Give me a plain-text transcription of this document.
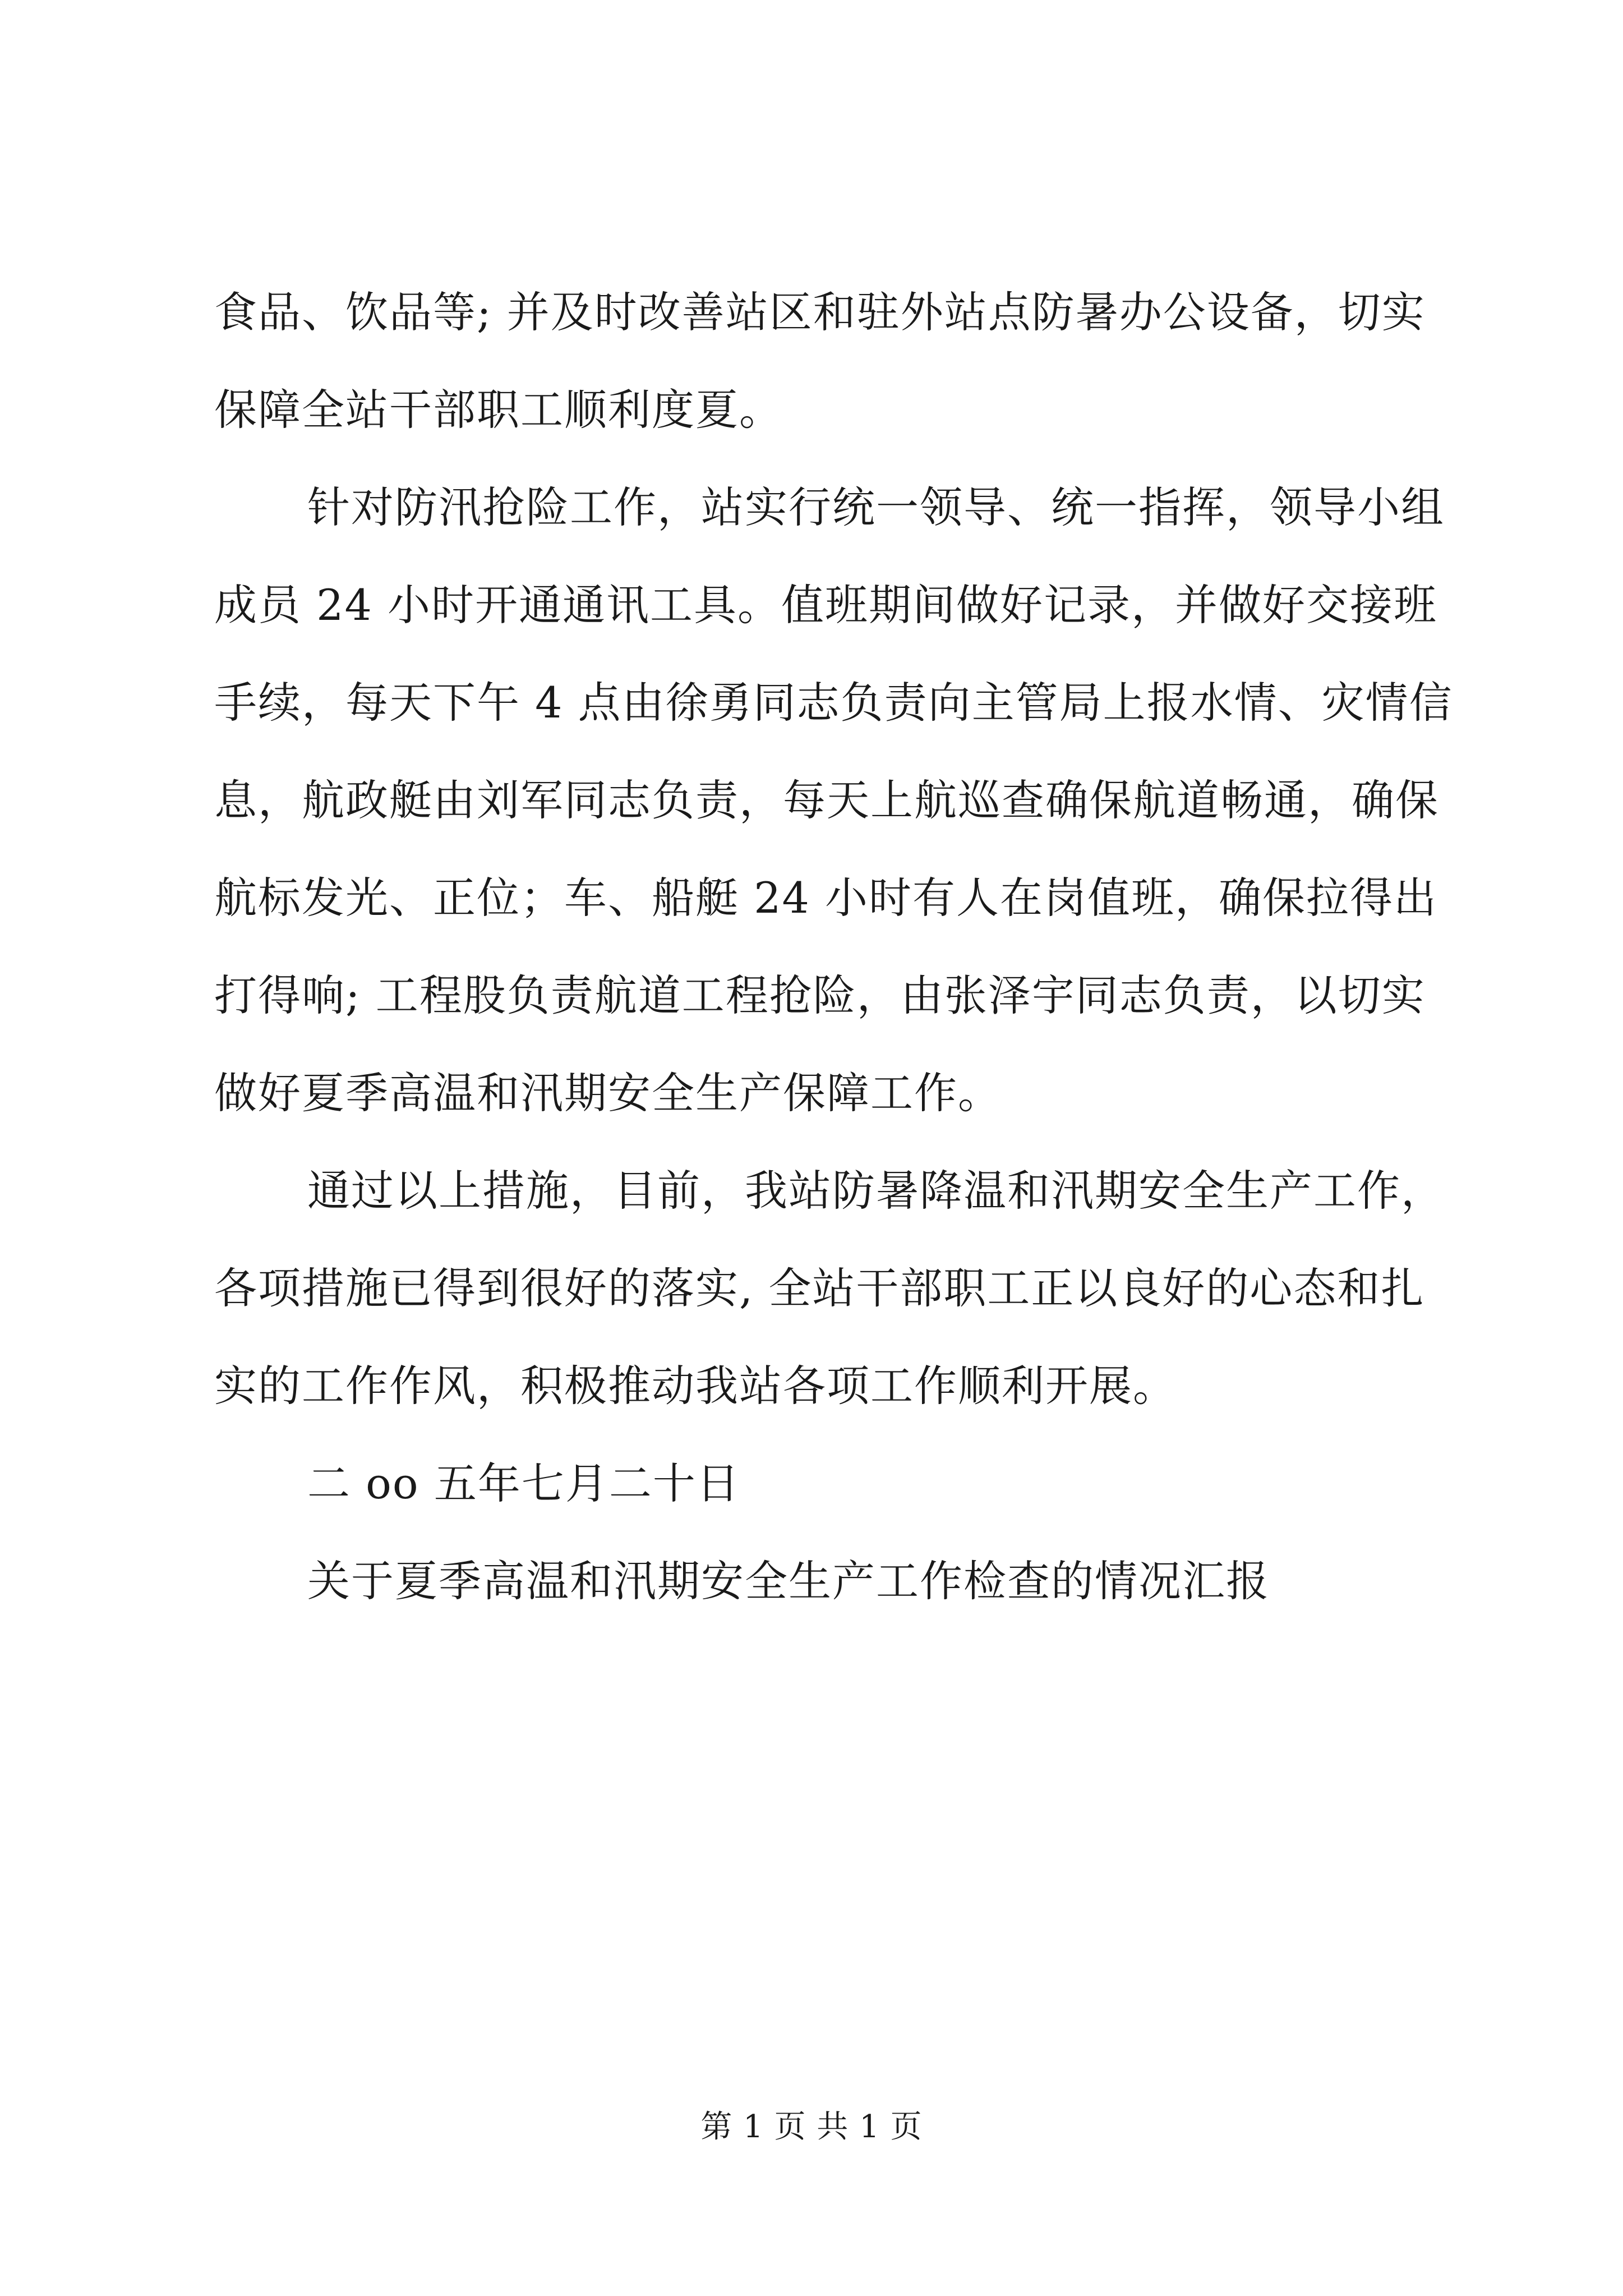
食品、饮品等; 并及时改善站区和驻外站点防暑办公设备，切实
保障全站干部职工顺利度夏。
针对防汛抢险工作，站实行统一领导、统一指挥，领导小组
成员 24 小时开通通讯工具。值班期间做好记录，并做好交接班
手续，每天下午 4 点由徐勇同志负责向主管局上报水情、灾情信
息，航政艇由刘军同志负责，每天上航巡查确保航道畅通，确保
航标发光、正位；车、船艇 24 小时有人在岗值班，确保拉得出
打得响; 工程股负责航道工程抢险，由张泽宇同志负责，以切实
做好夏季高温和汛期安全生产保障工作。
通过以上措施，目前，我站防暑降温和汛期安全生产工作，
各项措施已得到很好的落实, 全站干部职工正以良好的心态和扎
实的工作作风，积极推动我站各项工作顺利开展。
二 oo 五年七月二十日
关于夏季高温和汛期安全生产工作检查的情况汇报
第 1 页 共 1 页
